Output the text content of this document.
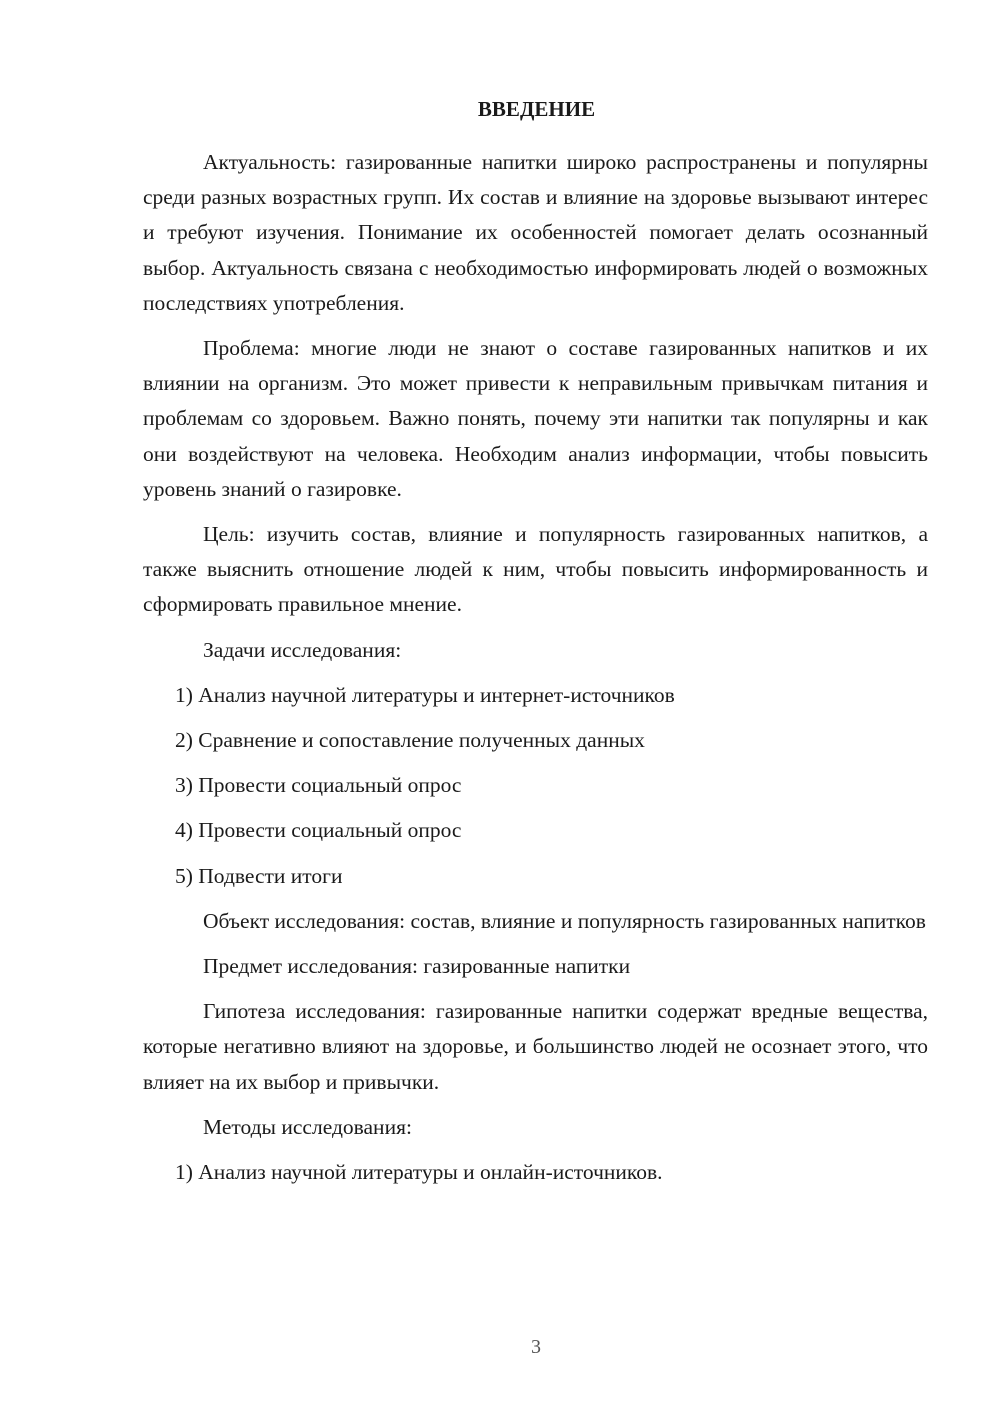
ВВЕДЕНИЕ

Актуальность: газированные напитки широко распространены и популярны среди разных возрастных групп. Их состав и влияние на здоровье вызывают интерес и требуют изучения. Понимание их особенностей помогает делать осознанный выбор. Актуальность связана с необходимостью информировать людей о возможных последствиях употребления.

Проблема: многие люди не знают о составе газированных напитков и их влиянии на организм. Это может привести к неправильным привычкам питания и проблемам со здоровьем. Важно понять, почему эти напитки так популярны и как они воздействуют на человека. Необходим анализ информации, чтобы повысить уровень знаний о газировке.

Цель: изучить состав, влияние и популярность газированных напитков, а также выяснить отношение людей к ним, чтобы повысить информированность и сформировать правильное мнение.

Задачи исследования:

1) Анализ научной литературы и интернет-источников

2) Сравнение и сопоставление полученных данных

3) Провести социальный опрос

4) Провести социальный опрос

5) Подвести итоги

Объект исследования: состав, влияние и популярность газированных напитков

Предмет исследования: газированные напитки

Гипотеза исследования: газированные напитки содержат вредные вещества, которые негативно влияют на здоровье, и большинство людей не осознает этого, что влияет на их выбор и привычки.

Методы исследования:

1) Анализ научной литературы и онлайн-источников.

3
